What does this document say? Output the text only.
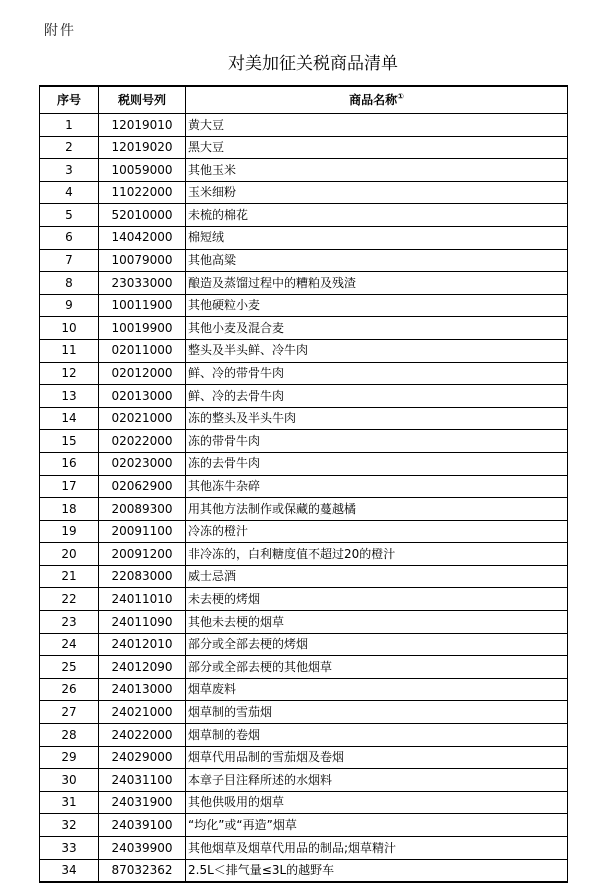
附件
对美加征关税商品清单
序号	税则号列	商品名称①
1	12019010	黄大豆
2	12019020	黑大豆
3	10059000	其他玉米
4	11022000	玉米细粉
5	52010000	未梳的棉花
6	14042000	棉短绒
7	10079000	其他高粱
8	23033000	酿造及蒸馏过程中的糟粕及残渣
9	10011900	其他硬粒小麦
10	10019900	其他小麦及混合麦
11	02011000	整头及半头鲜、冷牛肉
12	02012000	鲜、冷的带骨牛肉
13	02013000	鲜、冷的去骨牛肉
14	02021000	冻的整头及半头牛肉
15	02022000	冻的带骨牛肉
16	02023000	冻的去骨牛肉
17	02062900	其他冻牛杂碎
18	20089300	用其他方法制作或保藏的蔓越橘
19	20091100	冷冻的橙汁
20	20091200	非冷冻的，白利糖度值不超过20的橙汁
21	22083000	威士忌酒
22	24011010	未去梗的烤烟
23	24011090	其他未去梗的烟草
24	24012010	部分或全部去梗的烤烟
25	24012090	部分或全部去梗的其他烟草
26	24013000	烟草废料
27	24021000	烟草制的雪茄烟
28	24022000	烟草制的卷烟
29	24029000	烟草代用品制的雪茄烟及卷烟
30	24031100	本章子目注释所述的水烟料
31	24031900	其他供吸用的烟草
32	24039100	“均化”或“再造”烟草
33	24039900	其他烟草及烟草代用品的制品;烟草精汁
34	87032362	2.5L＜排气量≤3L的越野车
